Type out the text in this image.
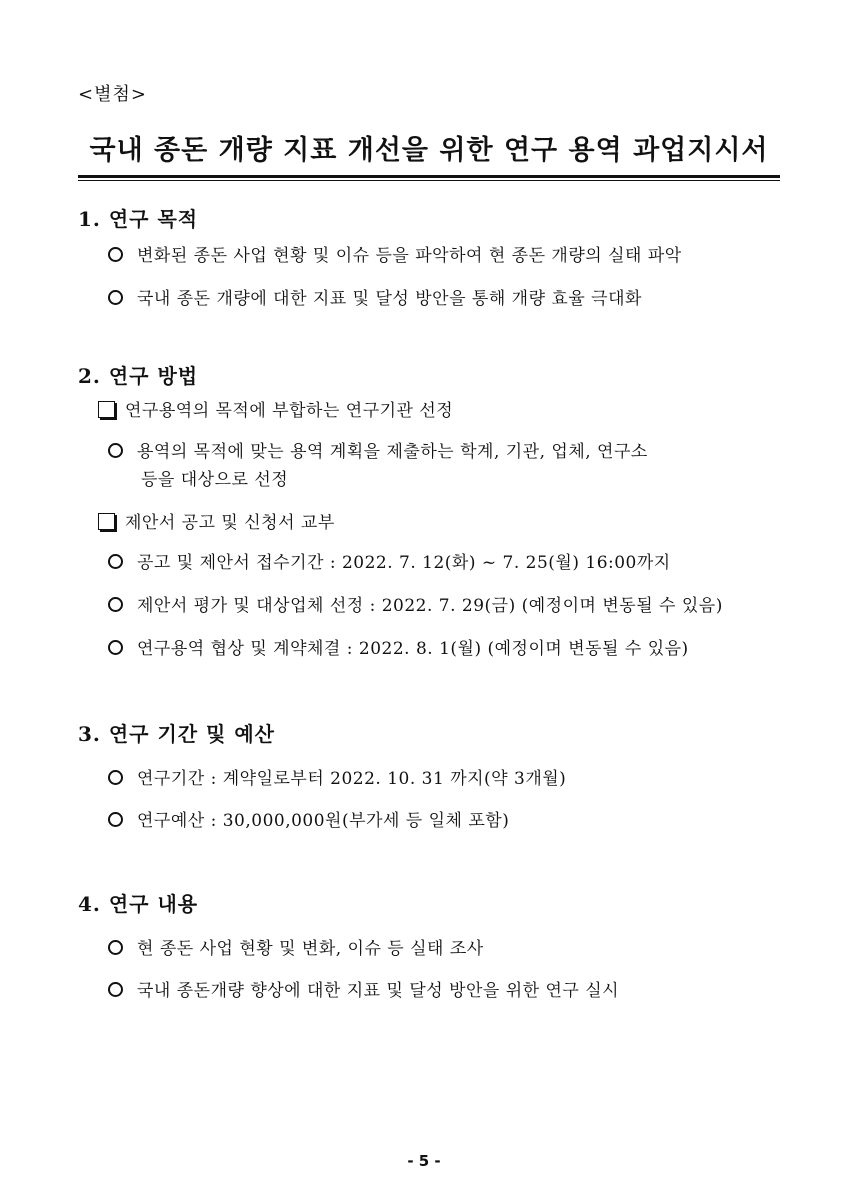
<별첨>
국내 종돈 개량 지표 개선을 위한 연구 용역 과업지시서
1. 연구 목적
변화된 종돈 사업 현황 및 이슈 등을 파악하여 현 종돈 개량의 실태 파악
국내 종돈 개량에 대한 지표 및 달성 방안을 통해 개량 효율 극대화
2. 연구 방법
연구용역의 목적에 부합하는 연구기관 선정
용역의 목적에 맞는 용역 계획을 제출하는 학계, 기관, 업체, 연구소
등을 대상으로 선정
제안서 공고 및 신청서 교부
공고 및 제안서 접수기간 : 2022. 7. 12(화) ~ 7. 25(월) 16:00까지
제안서 평가 및 대상업체 선정 : 2022. 7. 29(금) (예정이며 변동될 수 있음)
연구용역 협상 및 계약체결 : 2022. 8. 1(월) (예정이며 변동될 수 있음)
3. 연구 기간 및 예산
연구기간 : 계약일로부터 2022. 10. 31 까지(약 3개월)
연구예산 : 30,000,000원(부가세 등 일체 포함)
4. 연구 내용
현 종돈 사업 현황 및 변화, 이슈 등 실태 조사
국내 종돈개량 향상에 대한 지표 및 달성 방안을 위한 연구 실시
- 5 -
